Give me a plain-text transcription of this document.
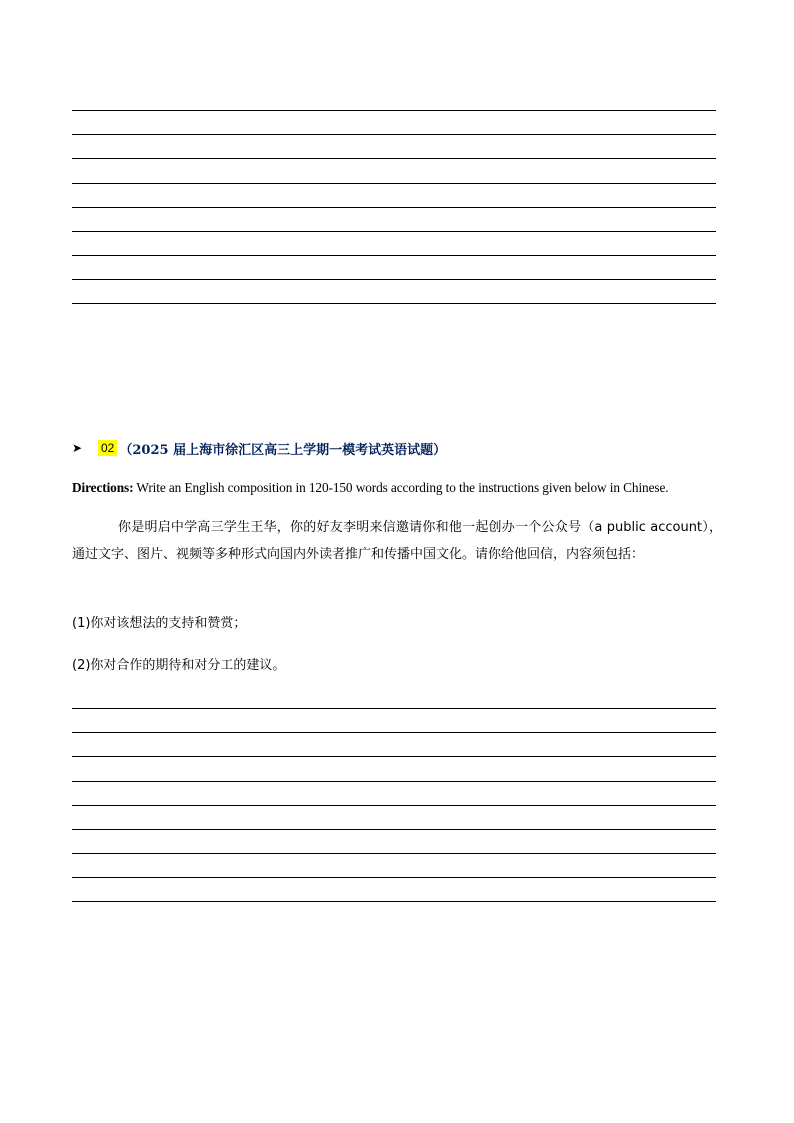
➤	02 （2025 届上海市徐汇区高三上学期一模考试英语试题）
Directions: Write an English composition in 120-150 words according to the instructions given below in Chinese.
你是明启中学高三学生王华，你的好友李明来信邀请你和他一起创办一个公众号（a public account），通过文字、图片、视频等多种形式向国内外读者推广和传播中国文化。请你给他回信，内容须包括：
(1)你对该想法的支持和赞赏；
(2)你对合作的期待和对分工的建议。
